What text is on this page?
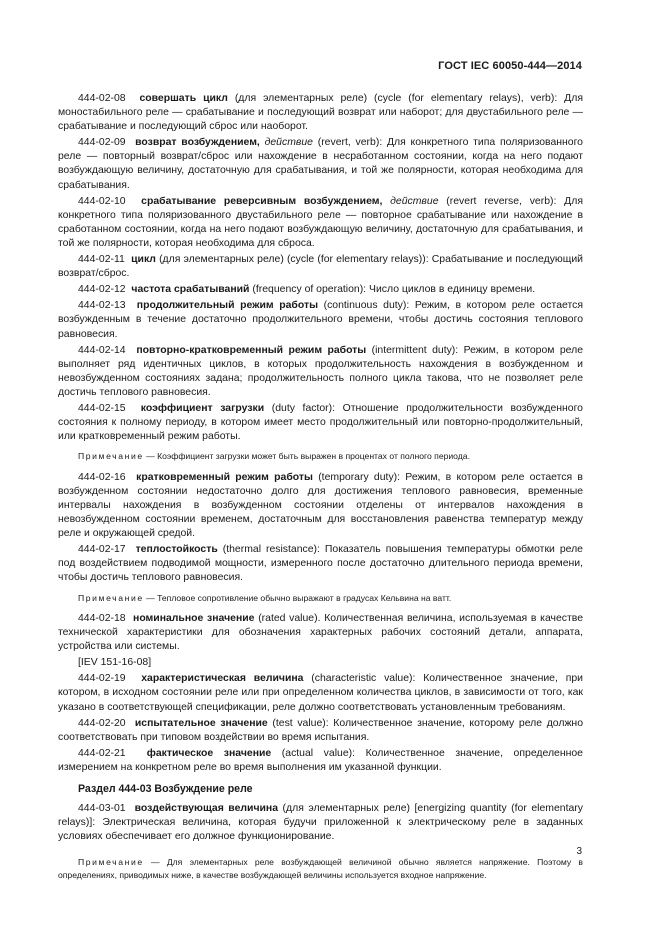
ГОСТ IEC 60050-444—2014

444-02-08 совершать цикл (для элементарных реле) (cycle (for elementary relays), verb): Для моностабильного реле — срабатывание и последующий возврат или наборот; для двустабильного реле — срабатывание и последующий сброс или наоборот.

444-02-09 возврат возбуждением, действие (revert, verb): Для конкретного типа поляризованного реле — повторный возврат/сброс или нахождение в несработанном состоянии, когда на него подают возбуждающую величину, достаточную для срабатывания, и той же полярности, которая необходима для срабатывания.

444-02-10 срабатывание реверсивным возбуждением, действие (revert reverse, verb): Для конкретного типа поляризованного двустабильного реле — повторное срабатывание или нахождение в сработанном состоянии, когда на него подают возбуждающую величину, достаточную для срабатывания, и той же полярности, которая необходима для сброса.

444-02-11 цикл (для элементарных реле) (cycle (for elementary relays)): Срабатывание и последующий возврат/сброс.

444-02-12 частота срабатываний (frequency of operation): Число циклов в единицу времени.

444-02-13 продолжительный режим работы (continuous duty): Режим, в котором реле остается возбужденным в течение достаточно продолжительного времени, чтобы достичь состояния теплового равновесия.

444-02-14 повторно-кратковременный режим работы (intermittent duty): Режим, в котором реле выполняет ряд идентичных циклов, в которых продолжительность нахождения в возбужденном и невозбужденном состояниях задана; продолжительность полного цикла такова, что не позволяет реле достичь теплового равновесия.

444-02-15 коэффициент загрузки (duty factor): Отношение продолжительности возбужденного состояния к полному периоду, в котором имеет место продолжительный или повторно-продолжительный, или кратковременный режим работы.

Примечание — Коэффициент загрузки может быть выражен в процентах от полного периода.

444-02-16 кратковременный режим работы (temporary duty): Режим, в котором реле остается в возбужденном состоянии недостаточно долго для достижения теплового равновесия, временные интервалы нахождения в возбужденном состоянии отделены от интервалов нахождения в невозбужденном состоянии временем, достаточным для восстановления равенства температур между реле и окружающей средой.

444-02-17 теплостойкость (thermal resistance): Показатель повышения температуры обмотки реле под воздействием подводимой мощности, измеренного после достаточно длительного периода времени, чтобы достичь теплового равновесия.

Примечание — Тепловое сопротивление обычно выражают в градусах Кельвина на ватт.

444-02-18 номинальное значение (rated value). Количественная величина, используемая в качестве технической характеристики для обозначения характерных рабочих состояний детали, аппарата, устройства или системы.

[IEV 151-16-08]

444-02-19 характеристическая величина (characteristic value): Количественное значение, при котором, в исходном состоянии реле или при определенном количества циклов, в зависимости от того, как указано в соответствующей спецификации, реле должно соответствовать установленным требованиям.

444-02-20 испытательное значение (test value): Количественное значение, которому реле должно соответствовать при типовом воздействии во время испытания.

444-02-21 фактическое значение (actual value): Количественное значение, определенное измерением на конкретном реле во время выполнения им указанной функции.

Раздел 444-03 Возбуждение реле

444-03-01 воздействующая величина (для элементарных реле) [energizing quantity (for elementary relays)]: Электрическая величина, которая будучи приложенной к электрическому реле в заданных условиях обеспечивает его должное функционирование.

Примечание — Для элементарных реле возбуждающей величиной обычно является напряжение. Поэтому в определениях, приводимых ниже, в качестве возбуждающей величины используется входное напряжение.

3
